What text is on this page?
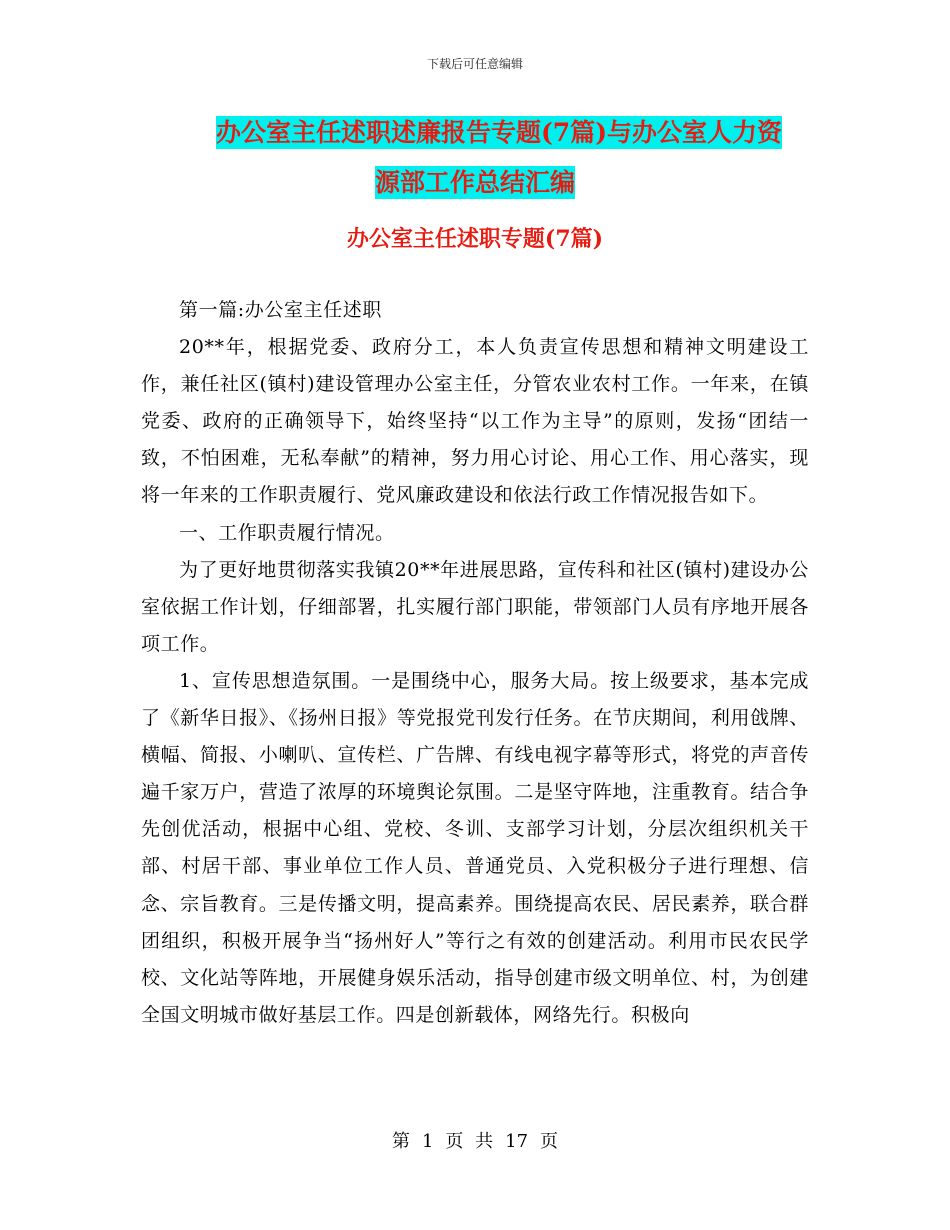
下载后可任意编辑
办公室主任述职述廉报告专题(7篇)与办公室人力资
源部工作总结汇编
办公室主任述职专题(7篇)

第一篇:办公室主任述职

20**年，根据党委、政府分工，本人负责宣传思想和精神文明建设工作，兼任社区(镇村)建设管理办公室主任，分管农业农村工作。一年来，在镇党委、政府的正确领导下，始终坚持“以工作为主导”的原则，发扬“团结一致，不怕困难，无私奉献”的精神，努力用心讨论、用心工作、用心落实，现将一年来的工作职责履行、党风廉政建设和依法行政工作情况报告如下。

一、工作职责履行情况。

为了更好地贯彻落实我镇20**年进展思路，宣传科和社区(镇村)建设办公室依据工作计划，仔细部署，扎实履行部门职能，带领部门人员有序地开展各项工作。

1、宣传思想造氛围。一是围绕中心，服务大局。按上级要求，基本完成了《新华日报》、《扬州日报》等党报党刊发行任务。在节庆期间，利用戗牌、横幅、简报、小喇叭、宣传栏、广告牌、有线电视字幕等形式，将党的声音传遍千家万户，营造了浓厚的环境舆论氛围。二是坚守阵地，注重教育。结合争先创优活动，根据中心组、党校、冬训、支部学习计划，分层次组织机关干部、村居干部、事业单位工作人员、普通党员、入党积极分子进行理想、信念、宗旨教育。三是传播文明，提高素养。围绕提高农民、居民素养，联合群团组织，积极开展争当“扬州好人”等行之有效的创建活动。利用市民农民学校、文化站等阵地，开展健身娱乐活动，指导创建市级文明单位、村，为创建全国文明城市做好基层工作。四是创新载体，网络先行。积极向

第 1 页 共 17 页
